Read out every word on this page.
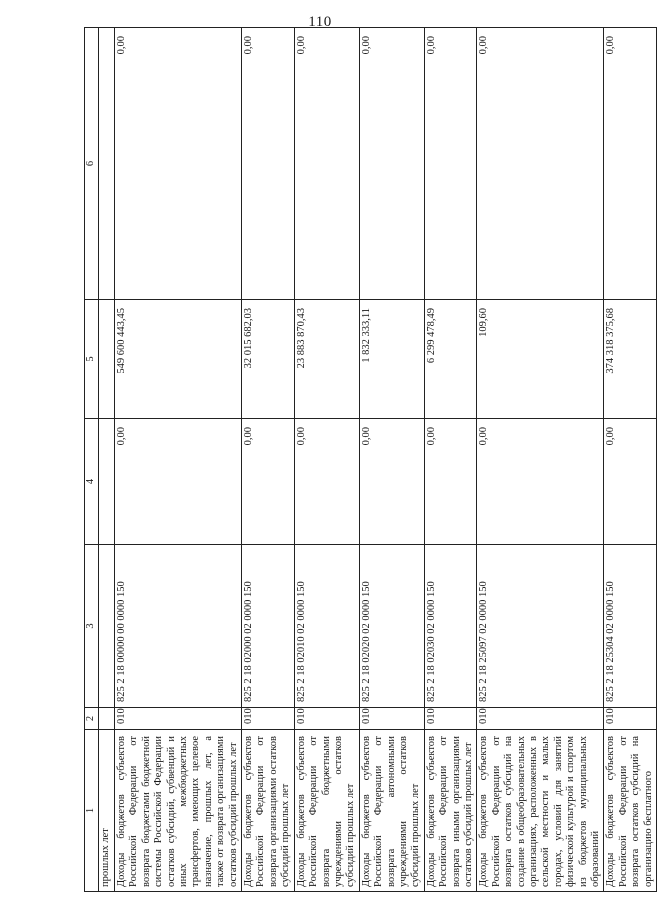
110
1	2	3	4	5	6
прошлых лет					
Доходы бюджетов субъектов Российской Федерации от возврата бюджетами бюджетной системы Российской Федерации остатков субсидий, субвенций и иных межбюджетных трансфертов, имеющих целевое назначение, прошлых лет, а также от возврата организациями остатков субсидий прошлых лет	010	825 2 18 00000 00 0000 150	0,00	549 600 443,45	0,00
Доходы бюджетов субъектов Российской Федерации от возврата организациями остатков субсидий прошлых лет	010	825 2 18 02000 02 0000 150	0,00	32 015 682,03	0,00
Доходы бюджетов субъектов Российской Федерации от возврата бюджетными учреждениями остатков субсидий прошлых лет	010	825 2 18 02010 02 0000 150	0,00	23 883 870,43	0,00
Доходы бюджетов субъектов Российской Федерации от возврата автономными учреждениями остатков субсидий прошлых лет	010	825 2 18 02020 02 0000 150	0,00	1 832 333,11	0,00
Доходы бюджетов субъектов Российской Федерации от возврата иными организациями остатков субсидий прошлых лет	010	825 2 18 02030 02 0000 150	0,00	6 299 478,49	0,00
Доходы бюджетов субъектов Российской Федерации от возврата остатков субсидий на создание в общеобразовательных организациях, расположенных в сельской местности и малых городах, условий для занятий физической культурой и спортом из бюджетов муниципальных образований	010	825 2 18 25097 02 0000 150	0,00	109,60	0,00
Доходы бюджетов субъектов Российской Федерации от возврата остатков субсидий на организацию бесплатного	010	825 2 18 25304 02 0000 150	0,00	374 318 375,68	0,00
